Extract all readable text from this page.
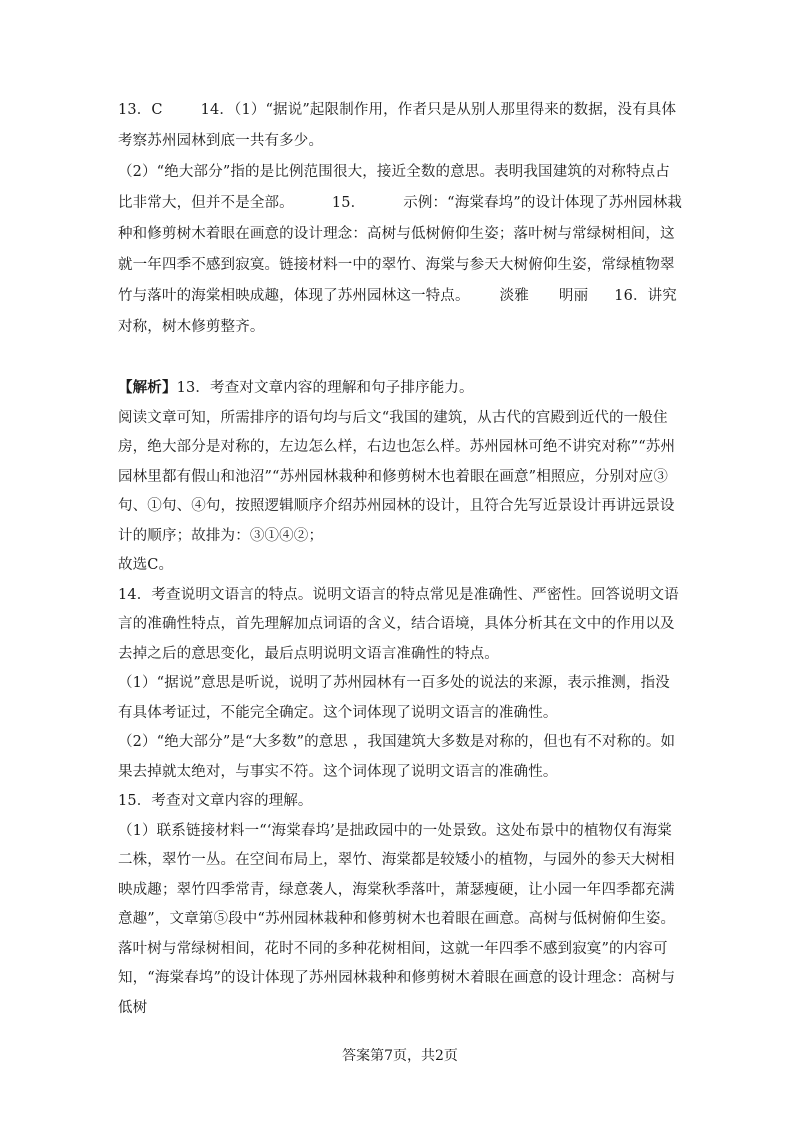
13．C	14．（1）“据说”起限制作用，作者只是从别人那里得来的数据，没有具体考察苏州园林到底一共有多少。

（2）“绝大部分”指的是比例范围很大，接近全数的意思。表明我国建筑的对称特点占比非常大，但并不是全部。	15．	示例：“海棠春坞”的设计体现了苏州园林栽种和修剪树木着眼在画意的设计理念：高树与低树俯仰生姿；落叶树与常绿树相间，这就一年四季不感到寂寞。链接材料一中的翠竹、海棠与参天大树俯仰生姿，常绿植物翠竹与落叶的海棠相映成趣，体现了苏州园林这一特点。 淡雅 明丽 16．讲究对称，树木修剪整齐。

【解析】13．考查对文章内容的理解和句子排序能力。

阅读文章可知，所需排序的语句均与后文“我国的建筑，从古代的宫殿到近代的一般住房，绝大部分是对称的，左边怎么样，右边也怎么样。苏州园林可绝不讲究对称”“苏州园林里都有假山和池沼”“苏州园林栽种和修剪树木也着眼在画意”相照应，分别对应③句、①句、④句，按照逻辑顺序介绍苏州园林的设计，且符合先写近景设计再讲远景设计的顺序；故排为：③①④②；

故选C。

14．考查说明文语言的特点。说明文语言的特点常见是准确性、严密性。回答说明文语言的准确性特点，首先理解加点词语的含义，结合语境，具体分析其在文中的作用以及去掉之后的意思变化，最后点明说明文语言准确性的特点。

（1）“据说”意思是听说，说明了苏州园林有一百多处的说法的来源，表示推测，指没有具体考证过，不能完全确定。这个词体现了说明文语言的准确性。

（2）“绝大部分”是“大多数”的意思 ，我国建筑大多数是对称的，但也有不对称的。如果去掉就太绝对，与事实不符。这个词体现了说明文语言的准确性。

15．考查对文章内容的理解。

（1）联系链接材料一“‘海棠春坞’是拙政园中的一处景致。这处布景中的植物仅有海棠二株，翠竹一丛。在空间布局上，翠竹、海棠都是较矮小的植物，与园外的参天大树相映成趣；翠竹四季常青，绿意袭人，海棠秋季落叶，萧瑟瘦硬，让小园一年四季都充满意趣”，文章第⑤段中“苏州园林栽种和修剪树木也着眼在画意。高树与低树俯仰生姿。落叶树与常绿树相间，花时不同的多种花树相间，这就一年四季不感到寂寞”的内容可知，“海棠春坞”的设计体现了苏州园林栽种和修剪树木着眼在画意的设计理念：高树与低树

答案第7页，共2页
